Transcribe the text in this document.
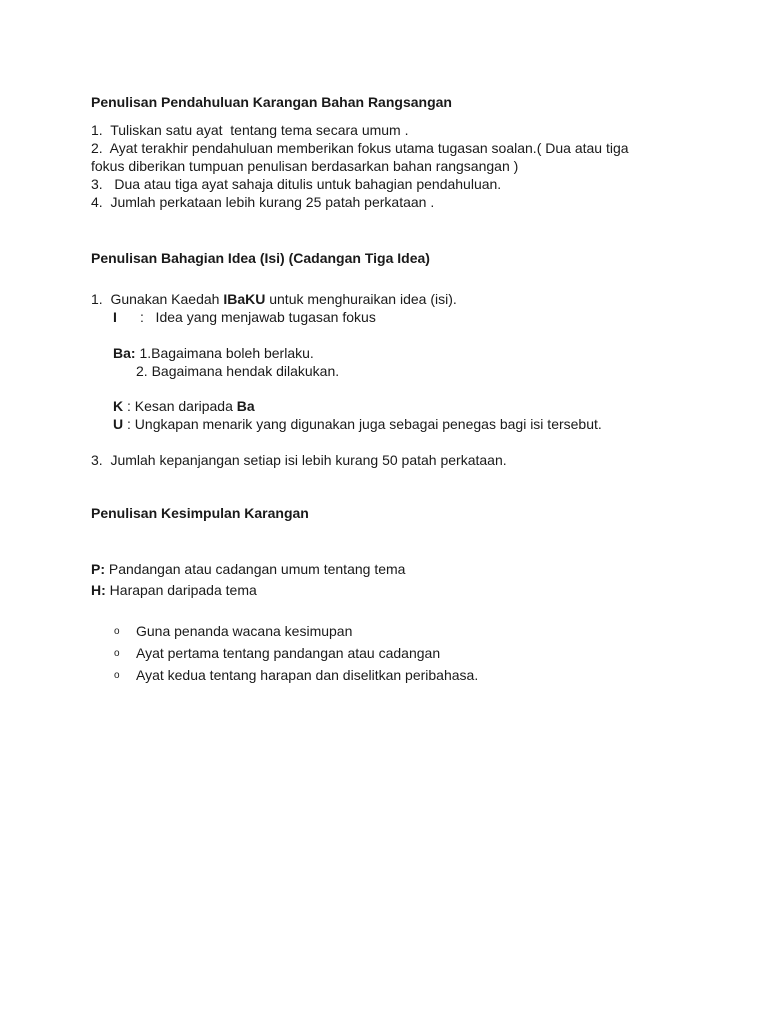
Penulisan Pendahuluan Karangan Bahan Rangsangan
1.  Tuliskan satu ayat  tentang tema secara umum .
2.  Ayat terakhir pendahuluan memberikan fokus utama tugasan soalan.( Dua atau tiga
fokus diberikan tumpuan penulisan berdasarkan bahan rangsangan )
3.   Dua atau tiga ayat sahaja ditulis untuk bahagian pendahuluan.
4.  Jumlah perkataan lebih kurang 25 patah perkataan .
Penulisan Bahagian Idea (Isi) (Cadangan Tiga Idea)
1.  Gunakan Kaedah IBaKU untuk menghuraikan idea (isi).
I :   Idea yang menjawab tugasan fokus
Ba: 1.Bagaimana boleh berlaku.
2. Bagaimana hendak dilakukan.
K : Kesan daripada Ba
U : Ungkapan menarik yang digunakan juga sebagai penegas bagi isi tersebut.
3.  Jumlah kepanjangan setiap isi lebih kurang 50 patah perkataan.
Penulisan Kesimpulan Karangan
P: Pandangan atau cadangan umum tentang tema
H: Harapan daripada tema
o Guna penanda wacana kesimupan
o Ayat pertama tentang pandangan atau cadangan
o Ayat kedua tentang harapan dan diselitkan peribahasa.
